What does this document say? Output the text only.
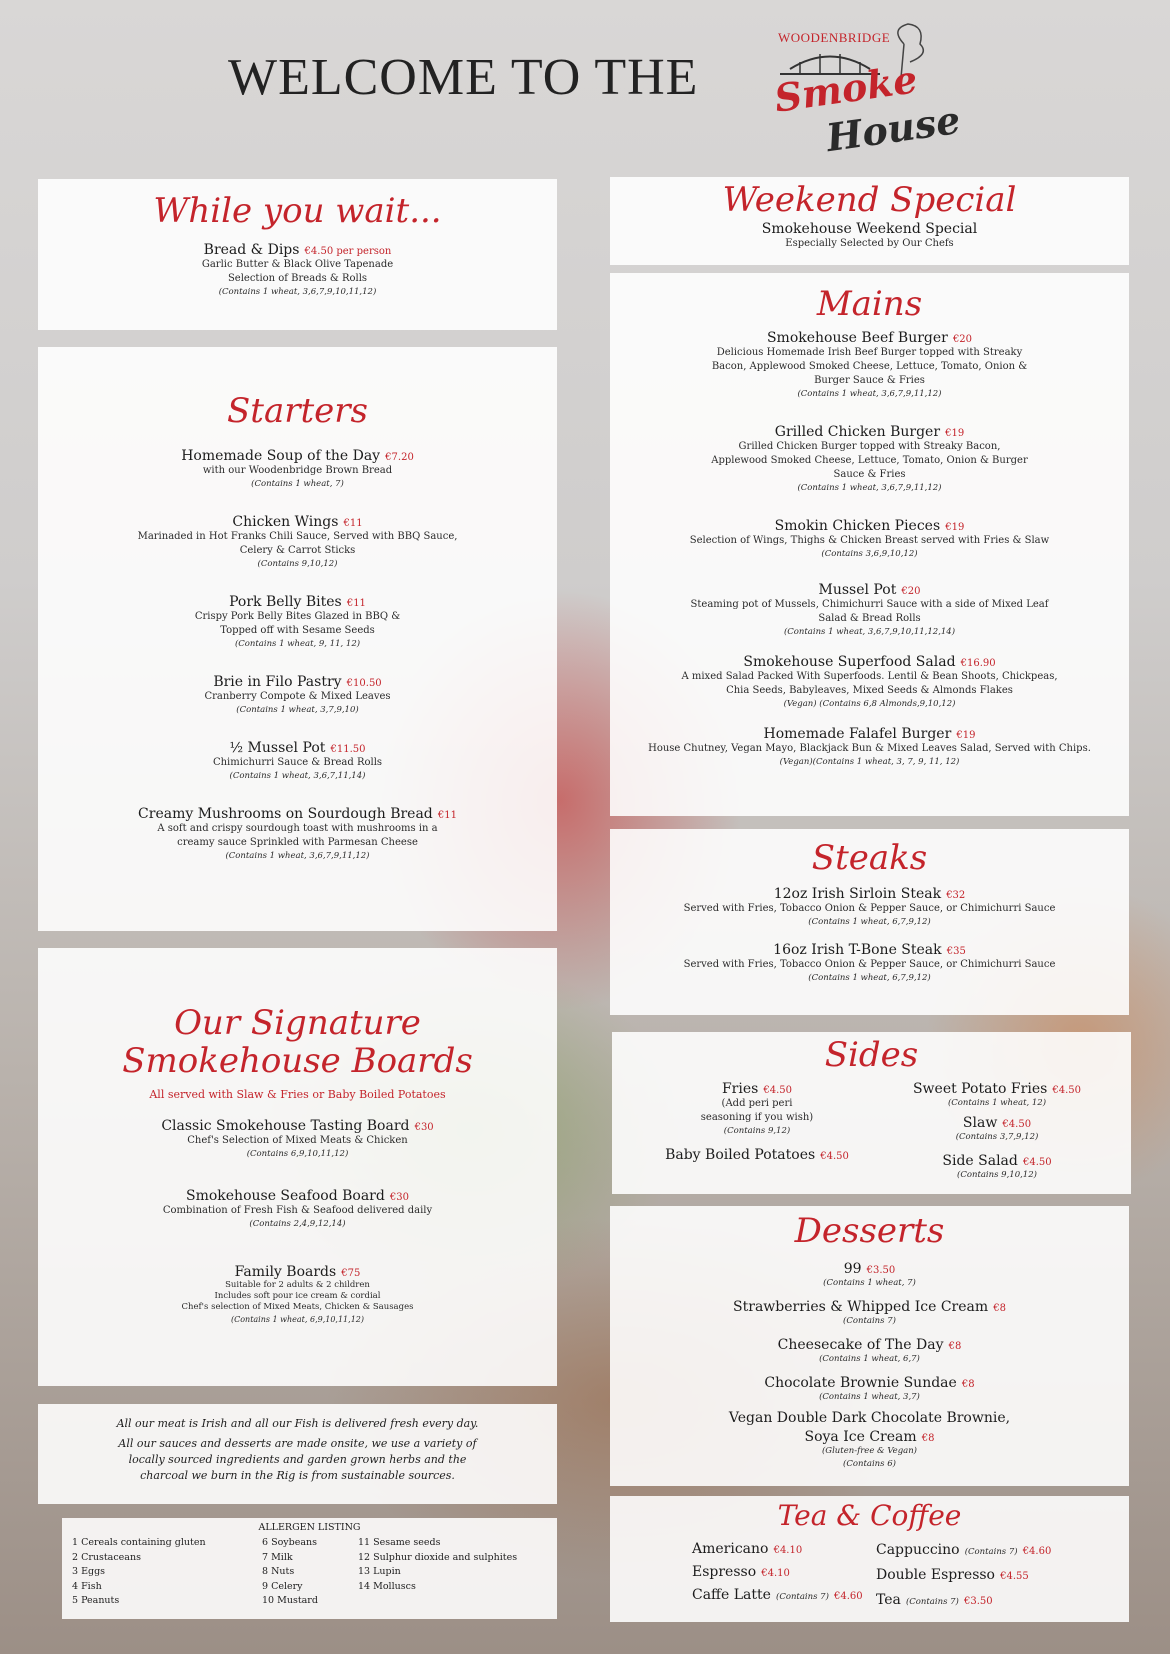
WELCOME TO THE
WOODENBRIDGE
Smoke
House
While you wait...
Bread & Dips €4.50 per person
Garlic Butter & Black Olive Tapenade
Selection of Breads & Rolls
(Contains 1 wheat, 3,6,7,9,10,11,12)
Starters
Homemade Soup of the Day €7.20
with our Woodenbridge Brown Bread
(Contains 1 wheat, 7)
Chicken Wings €11
Marinaded in Hot Franks Chili Sauce, Served with BBQ Sauce, Celery & Carrot Sticks
(Contains 9,10,12)
Pork Belly Bites €11
Crispy Pork Belly Bites Glazed in BBQ & Topped off with Sesame Seeds
(Contains 1 wheat, 9, 11, 12)
Brie in Filo Pastry €10.50
Cranberry Compote & Mixed Leaves
(Contains 1 wheat, 3,7,9,10)
½ Mussel Pot €11.50
Chimichurri Sauce & Bread Rolls
(Contains 1 wheat, 3,6,7,11,14)
Creamy Mushrooms on Sourdough Bread €11
A soft and crispy sourdough toast with mushrooms in a creamy sauce Sprinkled with Parmesan Cheese
(Contains 1 wheat, 3,6,7,9,11,12)
Our Signature
Smokehouse Boards
All served with Slaw & Fries or Baby Boiled Potatoes
Classic Smokehouse Tasting Board €30
Chef's Selection of Mixed Meats & Chicken
(Contains 6,9,10,11,12)
Smokehouse Seafood Board €30
Combination of Fresh Fish & Seafood delivered daily
(Contains 2,4,9,12,14)
Family Boards €75
Suitable for 2 adults & 2 children
Includes soft pour ice cream & cordial
Chef's selection of Mixed Meats, Chicken & Sausages
(Contains 1 wheat, 6,9,10,11,12)
All our meat is Irish and all our Fish is delivered fresh every day.
All our sauces and desserts are made onsite, we use a variety of locally sourced ingredients and garden grown herbs and the charcoal we burn in the Rig is from sustainable sources.
ALLERGEN LISTING
1 Cereals containing gluten
2 Crustaceans
3 Eggs
4 Fish
5 Peanuts
6 Soybeans
7 Milk
8 Nuts
9 Celery
10 Mustard
11 Sesame seeds
12 Sulphur dioxide and sulphites
13 Lupin
14 Molluscs
Weekend Special
Smokehouse Weekend Special
Especially Selected by Our Chefs
Mains
Smokehouse Beef Burger €20
Delicious Homemade Irish Beef Burger topped with Streaky Bacon, Applewood Smoked Cheese, Lettuce, Tomato, Onion & Burger Sauce & Fries
(Contains 1 wheat, 3,6,7,9,11,12)
Grilled Chicken Burger €19
Grilled Chicken Burger topped with Streaky Bacon, Applewood Smoked Cheese, Lettuce, Tomato, Onion & Burger Sauce & Fries
(Contains 1 wheat, 3,6,7,9,11,12)
Smokin Chicken Pieces €19
Selection of Wings, Thighs & Chicken Breast served with Fries & Slaw
(Contains 3,6,9,10,12)
Mussel Pot €20
Steaming pot of Mussels, Chimichurri Sauce with a side of Mixed Leaf Salad & Bread Rolls
(Contains 1 wheat, 3,6,7,9,10,11,12,14)
Smokehouse Superfood Salad €16.90
A mixed Salad Packed With Superfoods. Lentil & Bean Shoots, Chickpeas, Chia Seeds, Babyleaves, Mixed Seeds & Almonds Flakes
(Vegan) (Contains 6,8 Almonds,9,10,12)
Homemade Falafel Burger €19
House Chutney, Vegan Mayo, Blackjack Bun & Mixed Leaves Salad, Served with Chips.
(Vegan)(Contains 1 wheat, 3, 7, 9, 11, 12)
Steaks
12oz Irish Sirloin Steak €32
Served with Fries, Tobacco Onion & Pepper Sauce, or Chimichurri Sauce
(Contains 1 wheat, 6,7,9,12)
16oz Irish T-Bone Steak €35
Served with Fries, Tobacco Onion & Pepper Sauce, or Chimichurri Sauce
(Contains 1 wheat, 6,7,9,12)
Sides
Fries €4.50
(Add peri peri seasoning if you wish)
(Contains 9,12)
Baby Boiled Potatoes €4.50
Sweet Potato Fries €4.50
(Contains 1 wheat, 12)
Slaw €4.50
(Contains 3,7,9,12)
Side Salad €4.50
(Contains 9,10,12)
Desserts
99 €3.50
(Contains 1 wheat, 7)
Strawberries & Whipped Ice Cream €8
(Contains 7)
Cheesecake of The Day €8
(Contains 1 wheat, 6,7)
Chocolate Brownie Sundae €8
(Contains 1 wheat, 3,7)
Vegan Double Dark Chocolate Brownie,
Soya Ice Cream €8
(Gluten-free & Vegan)
(Contains 6)
Tea & Coffee
Americano €4.10
Espresso €4.10
Caffe Latte (Contains 7) €4.60
Cappuccino (Contains 7) €4.60
Double Espresso €4.55
Tea (Contains 7) €3.50
